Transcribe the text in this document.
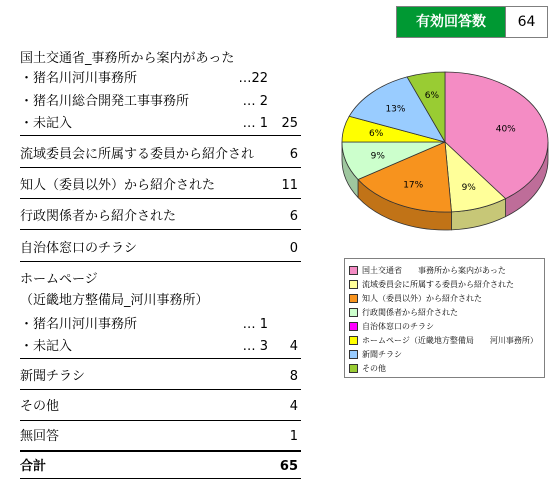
有効回答数	64
国土交通省_事務所から案内があった
・猪名川河川事務所	…22
・猪名川総合開発工事事務所	… 2
・未記入	… 1 25
流域委員会に所属する委員から紹介され	6
知人（委員以外）から紹介された	11
行政関係者から紹介された	6
自治体窓口のチラシ	0
ホームページ
（近畿地方整備局_河川事務所）
・猪名川河川事務所	… 1
・未記入	… 3	4
新聞チラシ	8
その他	4
無回答	1
合計	65
40%
9%
17%
9%
6%
13%
6%
国土交通省　　事務所から案内があった
流域委員会に所属する委員から紹介された
知人（委員以外）から紹介された
行政関係者から紹介された
自治体窓口のチラシ
ホームページ（近畿地方整備局　　河川事務所）
新聞チラシ
その他
